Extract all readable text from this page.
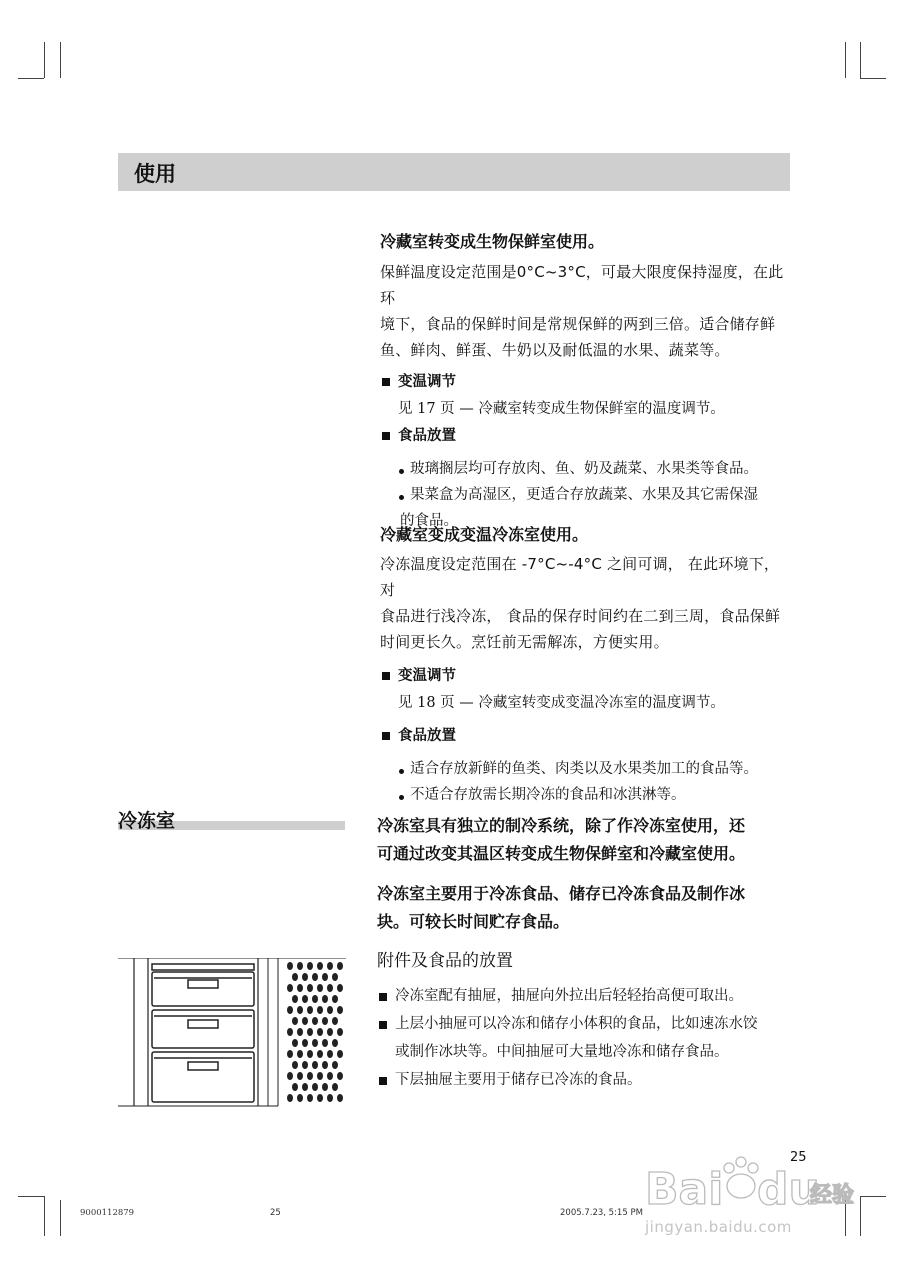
使用

冷藏室转变成生物保鲜室使用。

保鲜温度设定范围是0°C~3°C，可最大限度保持湿度，在此环

境下，食品的保鲜时间是常规保鲜的两到三倍。适合储存鲜

鱼、鲜肉、鲜蛋、牛奶以及耐低温的水果、蔬菜等。

变温调节

见 17 页 — 冷藏室转变成生物保鲜室的温度调节。

食品放置

玻璃搁层均可存放肉、鱼、奶及蔬菜、水果类等食品。

果菜盒为高湿区，更适合存放蔬菜、水果及其它需保湿

的食品。

冷藏室变成变温冷冻室使用。

冷冻温度设定范围在 -7°C~-4°C 之间可调， 在此环境下， 对

食品进行浅冷冻， 食品的保存时间约在二到三周，食品保鲜

时间更长久。烹饪前无需解冻，方便实用。

变温调节

见 18 页 — 冷藏室转变成变温冷冻室的温度调节。

食品放置

适合存放新鲜的鱼类、肉类以及水果类加工的食品等。

不适合存放需长期冷冻的食品和冰淇淋等。

冷冻室	冷冻室具有独立的制冷系统，除了作冷冻室使用，还

可通过改变其温区转变成生物保鲜室和冷藏室使用。

冷冻室主要用于冷冻食品、储存已冷冻食品及制作冰

块。可较长时间贮存食品。

附件及食品的放置

冷冻室配有抽屉，抽屉向外拉出后轻轻抬高便可取出。

上层小抽屉可以冷冻和储存小体积的食品，比如速冻水饺

或制作冰块等。中间抽屉可大量地冷冻和储存食品。

下层抽屉主要用于储存已冷冻的食品。

25
9000112879	25	2005.7.23, 5:15 PM Bai du
经验
jingyan.baidu.com
